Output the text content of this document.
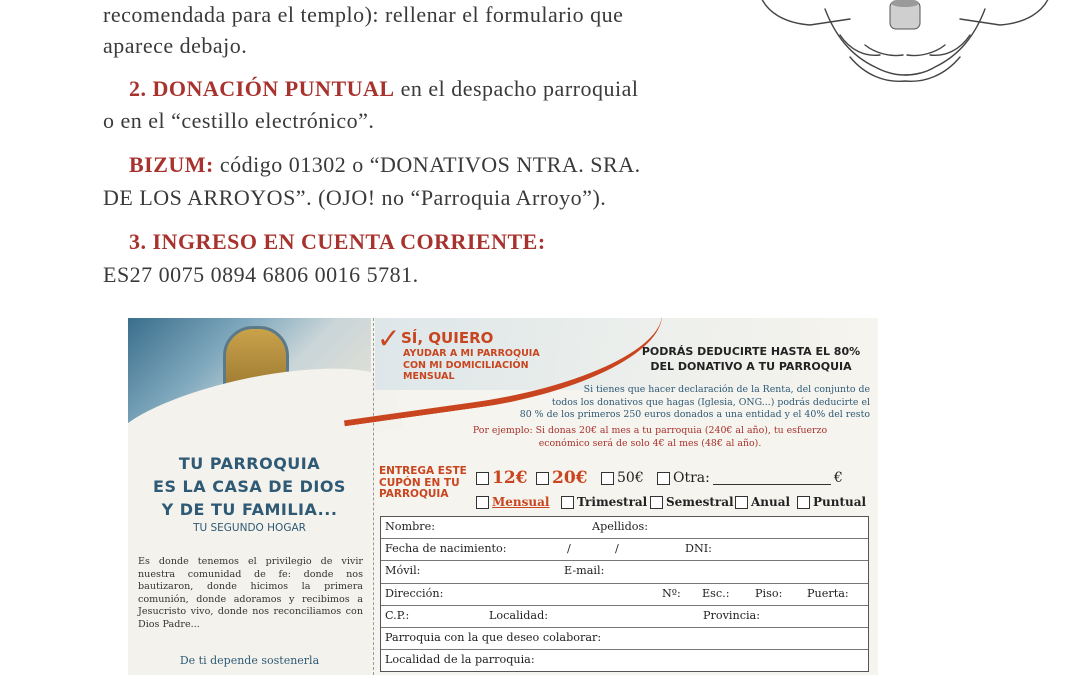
recomendada para el templo): rellenar el formulario que
aparece debajo.
2. DONACIÓN PUNTUAL en el despacho parroquial
o en el “cestillo electrónico”.
BIZUM: código 01302 o “DONATIVOS NTRA. SRA.
DE LOS ARROYOS”. (OJO! no “Parroquia Arroyo”).
3. INGRESO EN CUENTA CORRIENTE:
ES27 0075 0894 6806 0016 5781.
TU PARROQUIA
ES LA CASA DE DIOS
Y DE TU FAMILIA...
TU SEGUNDO HOGAR
Es donde tenemos el privilegio de vivir nuestra comunidad de fe: donde nos bautizaron, donde hicimos la primera comunión, donde adoramos y recibimos a Jesucristo vivo, donde nos reconciliamos con Dios Padre...
De ti depende sostenerla
✓ SÍ, QUIERO
AYUDAR A MI PARROQUIA
CON MI DOMICILIACIÓN
MENSUAL
PODRÁS DEDUCIRTE HASTA EL 80%
DEL DONATIVO A TU PARROQUIA
Si tienes que hacer declaración de la Renta, del conjunto de
todos los donativos que hagas (Iglesia, ONG...) podrás deducirte el
80 % de los primeros 250 euros donados a una entidad y el 40% del resto
Por ejemplo: Si donas 20€ al mes a tu parroquia (240€ al año), tu esfuerzo
económico será de solo 4€ al mes (48€ al año).
ENTREGA ESTE
CUPÓN EN TU
PARROQUIA
12€ 20€ 50€ Otra:	€
Mensual Trimestral Semestral Anual Puntual
Nombre:	Apellidos:
Fecha de nacimiento:	/	/	DNI:
Móvil:	E-mail:
Dirección:	Nº: Esc.: Piso: Puerta:
C.P.:	Localidad:	Provincia:
Parroquia con la que deseo colaborar:
Localidad de la parroquia:
